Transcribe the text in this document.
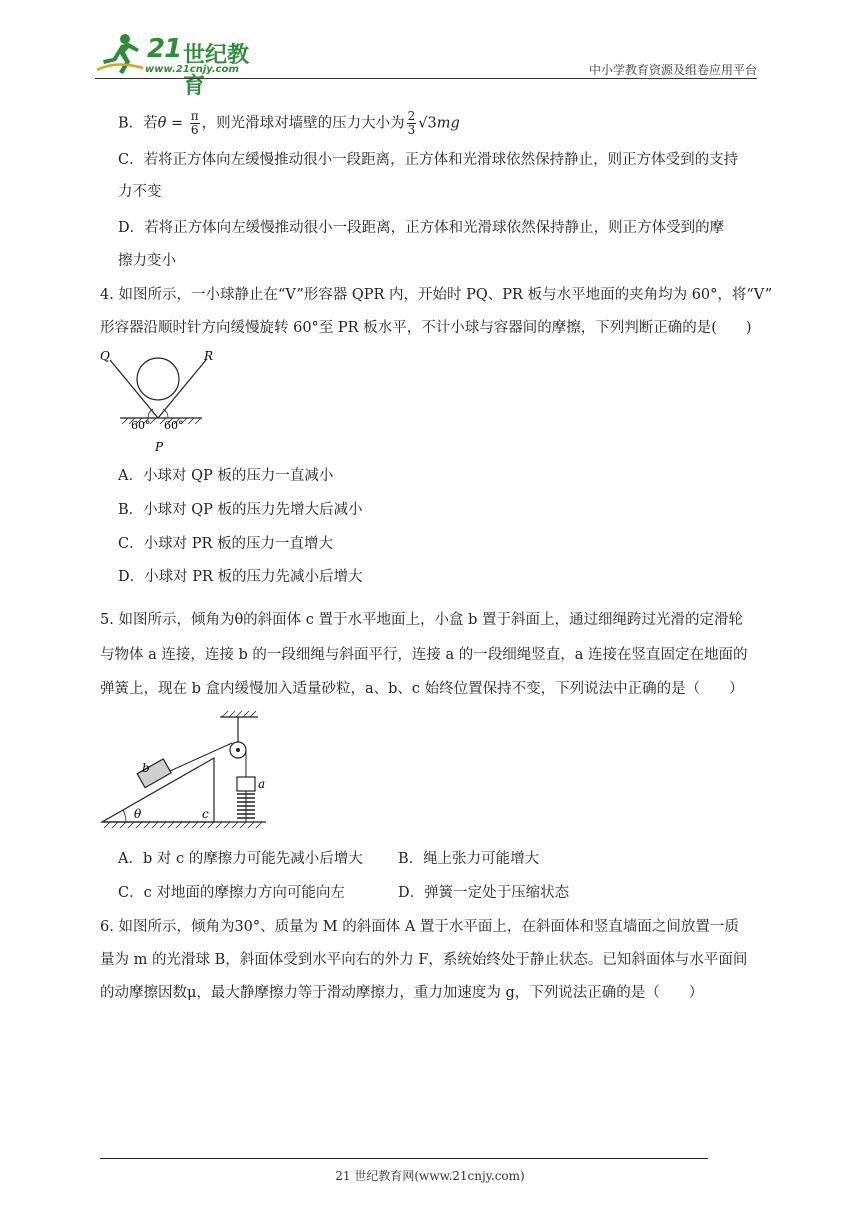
21 世纪教育
www.21cnjy.com	中小学教育资源及组卷应用平台
B．若$\theta = \frac{\pi}{6}$ ，则光滑球对墙壁的压力大小为 $\frac{2}{3} √3mg$
C．若将正方体向左缓慢推动很小一段距离，正方体和光滑球依然保持静止，则正方体受到的支持
力不变
D．若将正方体向左缓慢推动很小一段距离，正方体和光滑球依然保持静止，则正方体受到的摩
擦力变小
4. 如图所示，一小球静止在“V”形容器 QPR 内，开始时 PQ、PR 板与水平地面的夹角均为 60°，将“V”
形容器沿顺时针方向缓慢旋转 60°至 PR 板水平，不计小球与容器间的摩擦，下列判断正确的是(　　)
Q	R
60° 60°
P
A．小球对 QP 板的压力一直减小
B．小球对 QP 板的压力先增大后减小
C．小球对 PR 板的压力一直增大
D．小球对 PR 板的压力先减小后增大
5. 如图所示，倾角为θ的斜面体 c 置于水平地面上，小盒 b 置于斜面上，通过细绳跨过光滑的定滑轮
与物体 a 连接，连接 b 的一段细绳与斜面平行，连接 a 的一段细绳竖直，a 连接在竖直固定在地面的
弹簧上，现在 b 盒内缓慢加入适量砂粒，a、b、c 始终位置保持不变，下列说法中正确的是（　　）
θ
b
c
a
A．b 对 c 的摩擦力可能先减小后增大 B．绳上张力可能增大
C．c 对地面的摩擦力方向可能向左	D．弹簧一定处于压缩状态
6. 如图所示，倾角为30°、质量为 M 的斜面体 A 置于水平面上，在斜面体和竖直墙面之间放置一质
量为 m 的光滑球 B，斜面体受到水平向右的外力 F，系统始终处于静止状态。已知斜面体与水平面间
的动摩擦因数μ，最大静摩擦力等于滑动摩擦力，重力加速度为 g，下列说法正确的是（　　）
21 世纪教育网(www.21cnjy.com)
